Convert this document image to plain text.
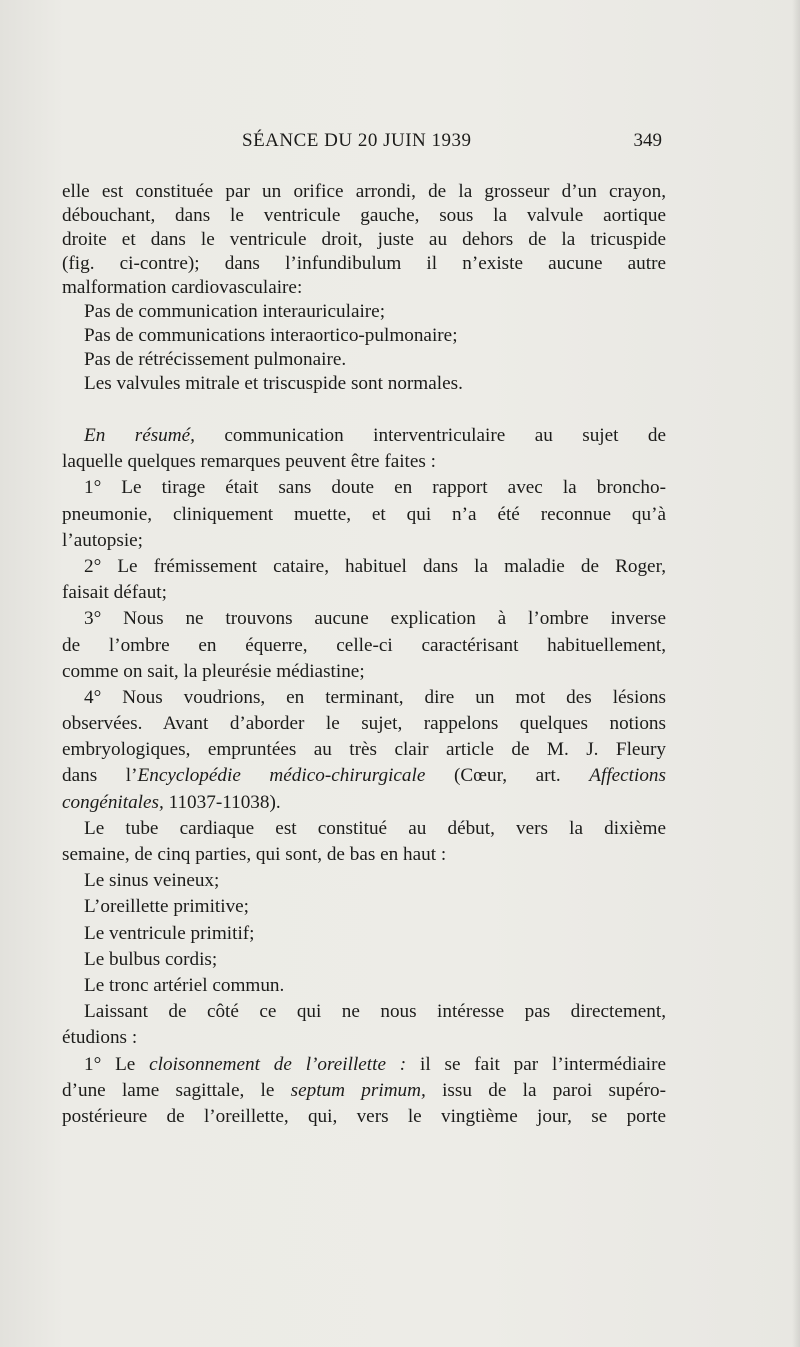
SÉANCE DU 20 JUIN 1939	349
elle est constituée par un orifice arrondi, de la grosseur d’un crayon,
débouchant, dans le ventricule gauche, sous la valvule aortique
droite et dans le ventricule droit, juste au dehors de la tricuspide
(fig. ci-contre); dans l’infundibulum il n’existe aucune autre
malformation cardiovasculaire:
Pas de communication interauriculaire;
Pas de communications interaortico-pulmonaire;
Pas de rétrécissement pulmonaire.
Les valvules mitrale et triscuspide sont normales.
En résumé, communication interventriculaire au sujet de
laquelle quelques remarques peuvent être faites :
1° Le tirage était sans doute en rapport avec la broncho-
pneumonie, cliniquement muette, et qui n’a été reconnue qu’à
l’autopsie;
2° Le frémissement cataire, habituel dans la maladie de Roger,
faisait défaut;
3° Nous ne trouvons aucune explication à l’ombre inverse
de l’ombre en équerre, celle-ci caractérisant habituellement,
comme on sait, la pleurésie médiastine;
4° Nous voudrions, en terminant, dire un mot des lésions
observées. Avant d’aborder le sujet, rappelons quelques notions
embryologiques, empruntées au très clair article de M. J. Fleury
dans l’Encyclopédie médico-chirurgicale (Cœur, art. Affections
congénitales, 11037-11038).
Le tube cardiaque est constitué au début, vers la dixième
semaine, de cinq parties, qui sont, de bas en haut :
Le sinus veineux;
L’oreillette primitive;
Le ventricule primitif;
Le bulbus cordis;
Le tronc artériel commun.
Laissant de côté ce qui ne nous intéresse pas directement,
étudions :
1° Le cloisonnement de l’oreillette : il se fait par l’intermédiaire
d’une lame sagittale, le septum primum, issu de la paroi supéro-
postérieure de l’oreillette, qui, vers le vingtième jour, se porte
